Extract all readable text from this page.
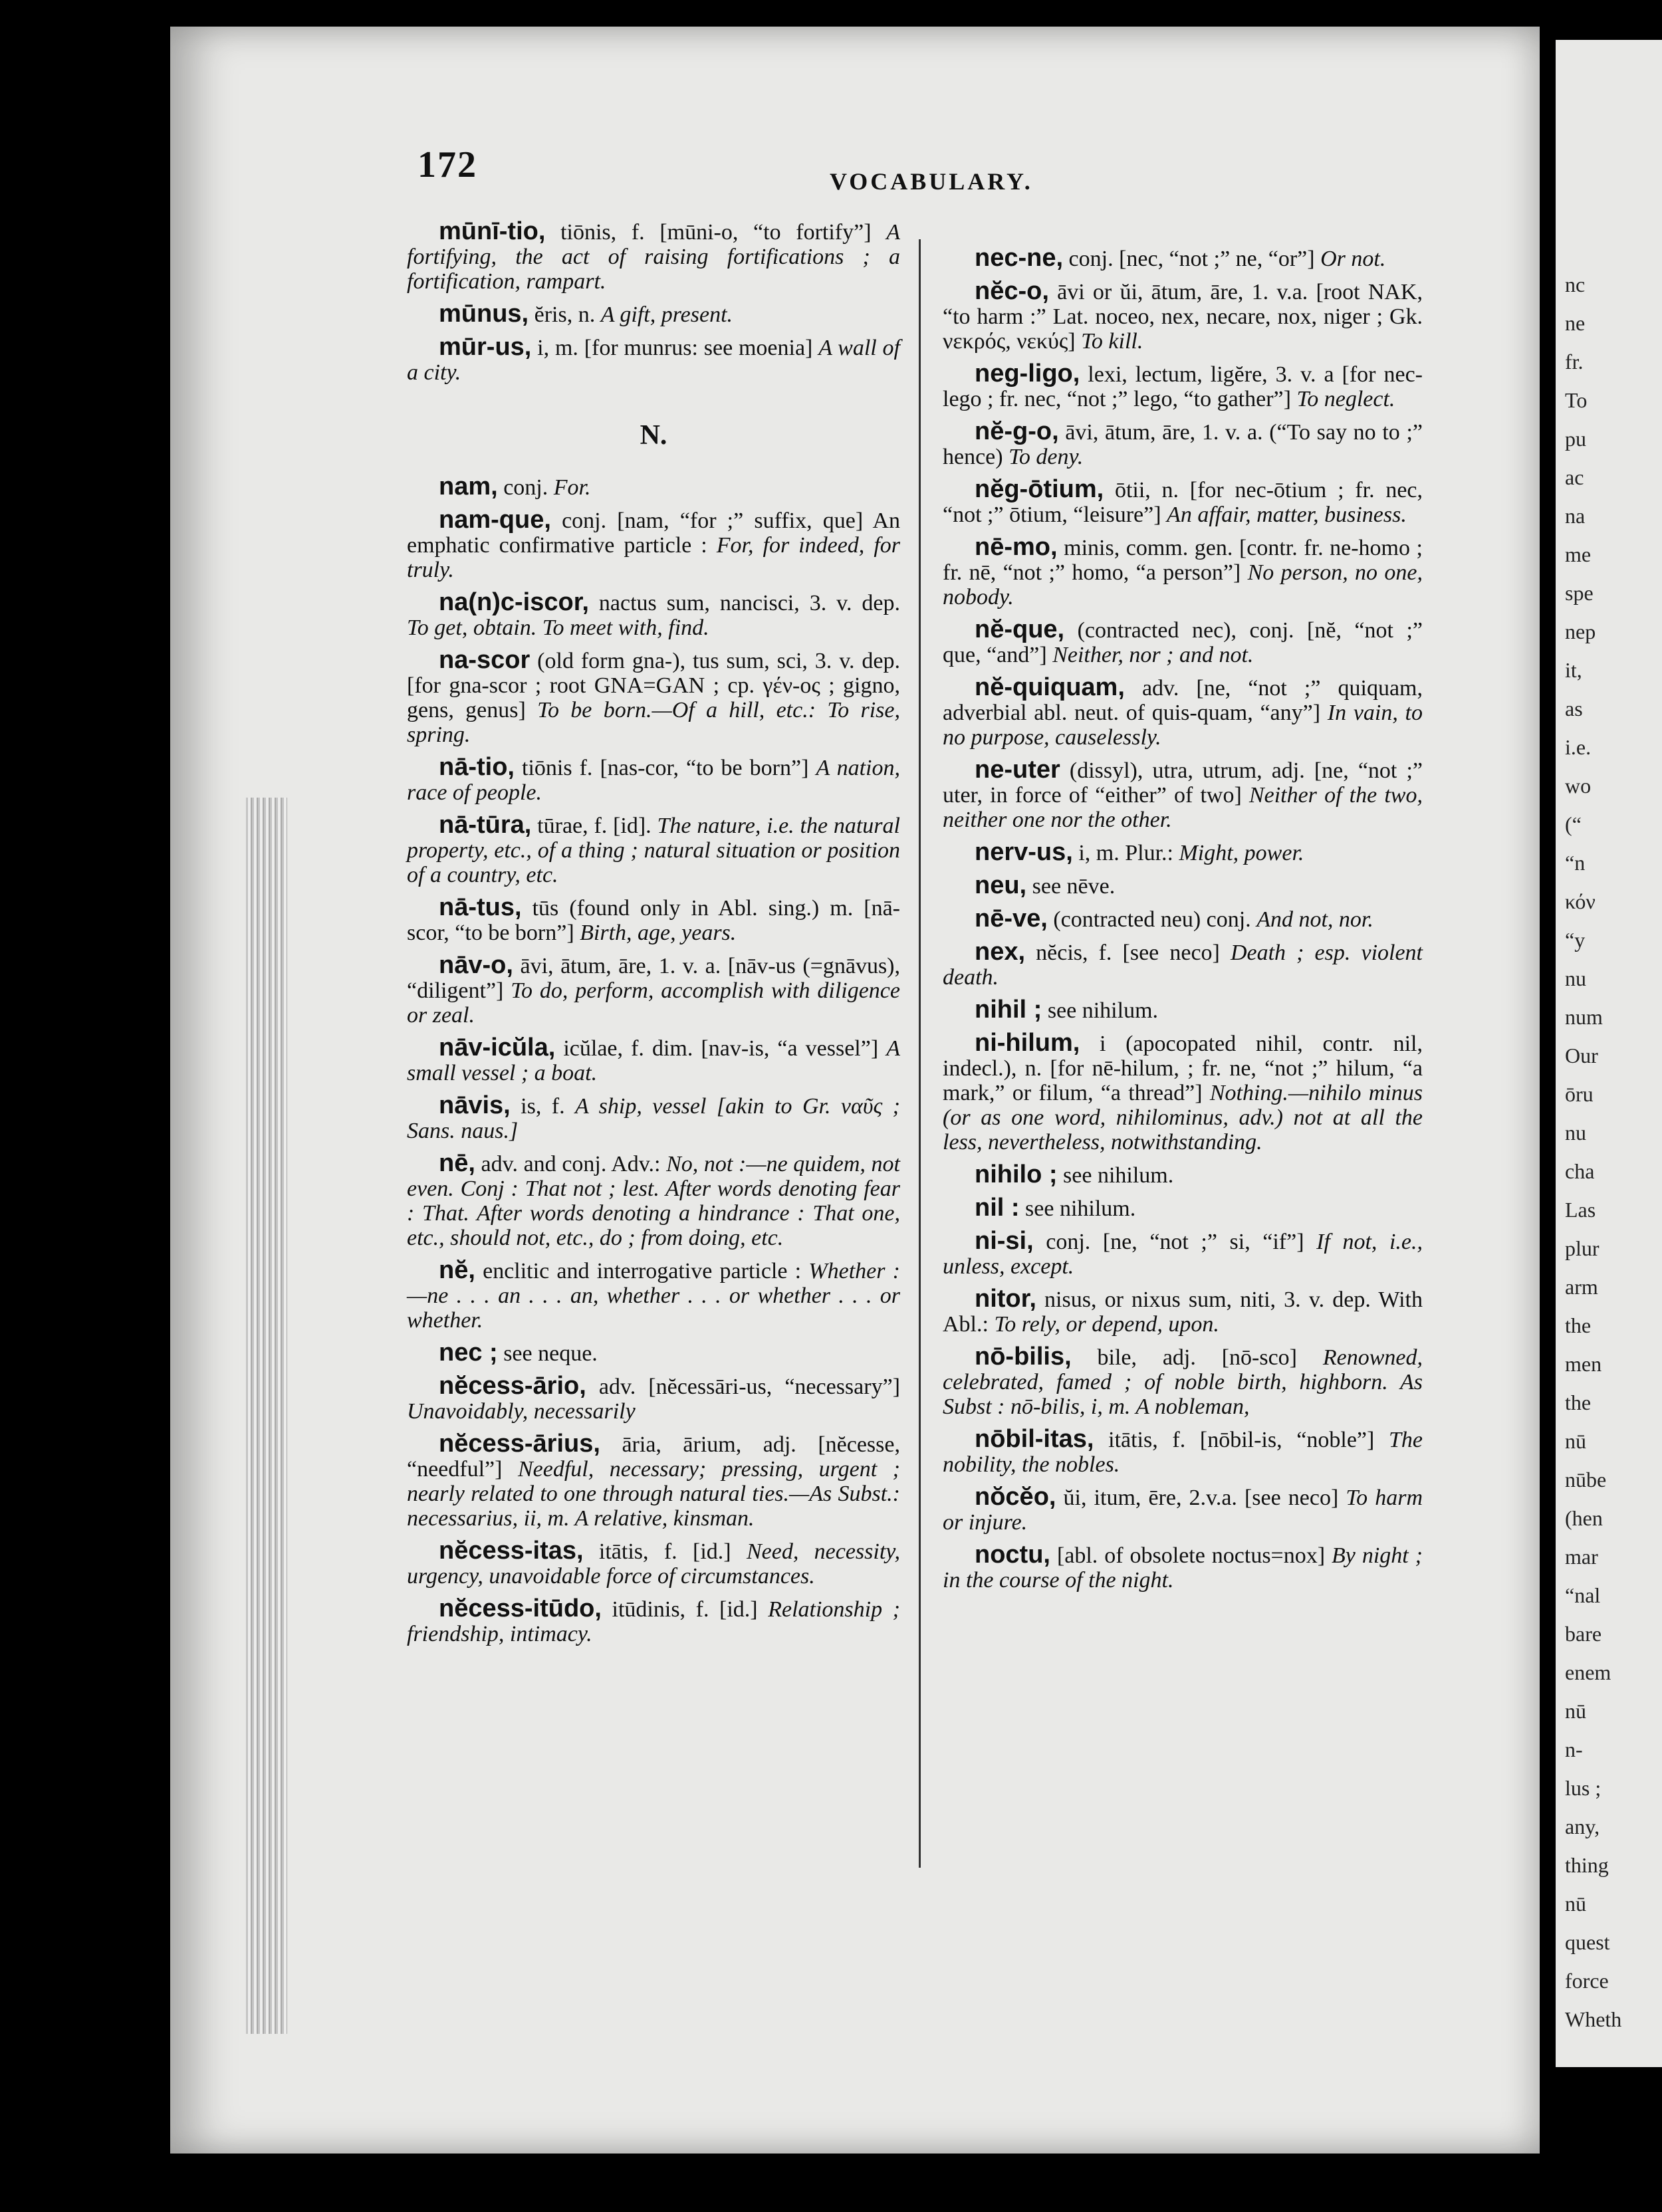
172	VOCABULARY.

mūnī-tio, tiōnis, f. [mūni-o, “to fortify”] A fortifying, the act of raising fortifications ; a fortification, rampart.

mūnus, ĕris, n. A gift, present.

mūr-us, i, m. [for munrus: see moenia] A wall of a city.

N.

nam, conj. For.

nam-que, conj. [nam, “for ;” suffix, que] An emphatic confirmative particle : For, for indeed, for truly.

na(n)c-iscor, nactus sum, nancisci, 3. v. dep. To get, obtain. To meet with, find.

na-scor (old form gna-), tus sum, sci, 3. v. dep. [for gna-scor ; root GNA=GAN ; cp. γέν-ος ; gigno, gens, genus] To be born.—Of a hill, etc.: To rise, spring.

nā-tio, tiōnis f. [nas-cor, “to be born”] A nation, race of people.

nā-tūra, tūrae, f. [id]. The nature, i.e. the natural property, etc., of a thing ; natural situation or position of a country, etc.

nā-tus, tūs (found only in Abl. sing.) m. [nā-scor, “to be born”] Birth, age, years.

nāv-o, āvi, ātum, āre, 1. v. a. [nāv-us (=gnāvus), “diligent”] To do, perform, accomplish with diligence or zeal.

nāv-icŭla, icŭlae, f. dim. [nav-is, “a vessel”] A small vessel ; a boat.

nāvis, is, f. A ship, vessel [akin to Gr. ναῦς ; Sans. naus.]

nē, adv. and conj. Adv.: No, not :—ne quidem, not even. Conj : That not ; lest. After words denoting fear : That. After words denoting a hindrance : That one, etc., should not, etc., do ; from doing, etc.

nĕ, enclitic and interrogative particle : Whether :—ne . . . an . . . an, whether . . . or whether . . . or whether.

nec ; see neque.

nĕcess-ārio, adv. [nĕcessāri-us, “necessary”] Unavoidably, necessarily

nĕcess-ārius, āria, ārium, adj. [nĕcesse, “needful”] Needful, necessary; pressing, urgent ; nearly related to one through natural ties.—As Subst.: necessarius, ii, m. A relative, kinsman.

nĕcess-itas, itātis, f. [id.] Need, necessity, urgency, unavoidable force of circumstances.

nĕcess-itūdo, itūdinis, f. [id.] Relationship ; friendship, intimacy.

nec-ne, conj. [nec, “not ;” ne, “or”] Or not.

nĕc-o, āvi or ŭi, ātum, āre, 1. v.a. [root NAK, “to harm :” Lat. noceo, nex, necare, nox, niger ; Gk. νεκρός, νεκύς] To kill.

neg-ligo, lexi, lectum, ligĕre, 3. v. a [for nec-lego ; fr. nec, “not ;” lego, “to gather”] To neglect.

nĕ-g-o, āvi, ātum, āre, 1. v. a. (“To say no to ;” hence) To deny.

nĕg-ōtium, ōtii, n. [for nec-ōtium ; fr. nec, “not ;” ōtium, “leisure”] An affair, matter, business.

nē-mo, minis, comm. gen. [contr. fr. ne-homo ; fr. nē, “not ;” homo, “a person”] No person, no one, nobody.

nĕ-que, (contracted nec), conj. [nĕ, “not ;” que, “and”] Neither, nor ; and not.

nĕ-quiquam, adv. [ne, “not ;” quiquam, adverbial abl. neut. of quis-quam, “any”] In vain, to no purpose, causelessly.

ne-uter (dissyl), utra, utrum, adj. [ne, “not ;” uter, in force of “either” of two] Neither of the two, neither one nor the other.

nerv-us, i, m. Plur.: Might, power.

neu, see nēve.

nē-ve, (contracted neu) conj. And not, nor.

nex, nĕcis, f. [see neco] Death ; esp. violent death.

nihil ; see nihilum.

ni-hilum, i (apocopated nihil, contr. nil, indecl.), n. [for nē-hilum, ; fr. ne, “not ;” hilum, “a mark,” or filum, “a thread”] Nothing.—nihilo minus (or as one word, nihilominus, adv.) not at all the less, nevertheless, notwithstanding.

nihilo ; see nihilum.

nil : see nihilum.

ni-si, conj. [ne, “not ;” si, “if”] If not, i.e., unless, except.

nitor, nisus, or nixus sum, niti, 3. v. dep. With Abl.: To rely, or depend, upon.

nō-bilis, bile, adj. [nō-sco] Renowned, celebrated, famed ; of noble birth, highborn. As Subst : nō-bilis, i, m. A nobleman,

nōbil-itas, itātis, f. [nōbil-is, “noble”] The nobility, the nobles.

nŏcĕo, ŭi, itum, ēre, 2.v.a. [see neco] To harm or injure.

noctu, [abl. of obsolete noctus=nox] By night ; in the course of the night.

nc
ne
fr.
To
pu
ac
na
me
spe
nep
it,
as
i.e.
wo
(“
“n
κόν
“y
nu
num
Our
ōru
nu
cha
Las
plur
arm
the
men
the
nū
nūbe
(hen
mar
“nal
bare
enem
nū
n-
lus ;
any,
thing
nū
quest
force
Wheth
